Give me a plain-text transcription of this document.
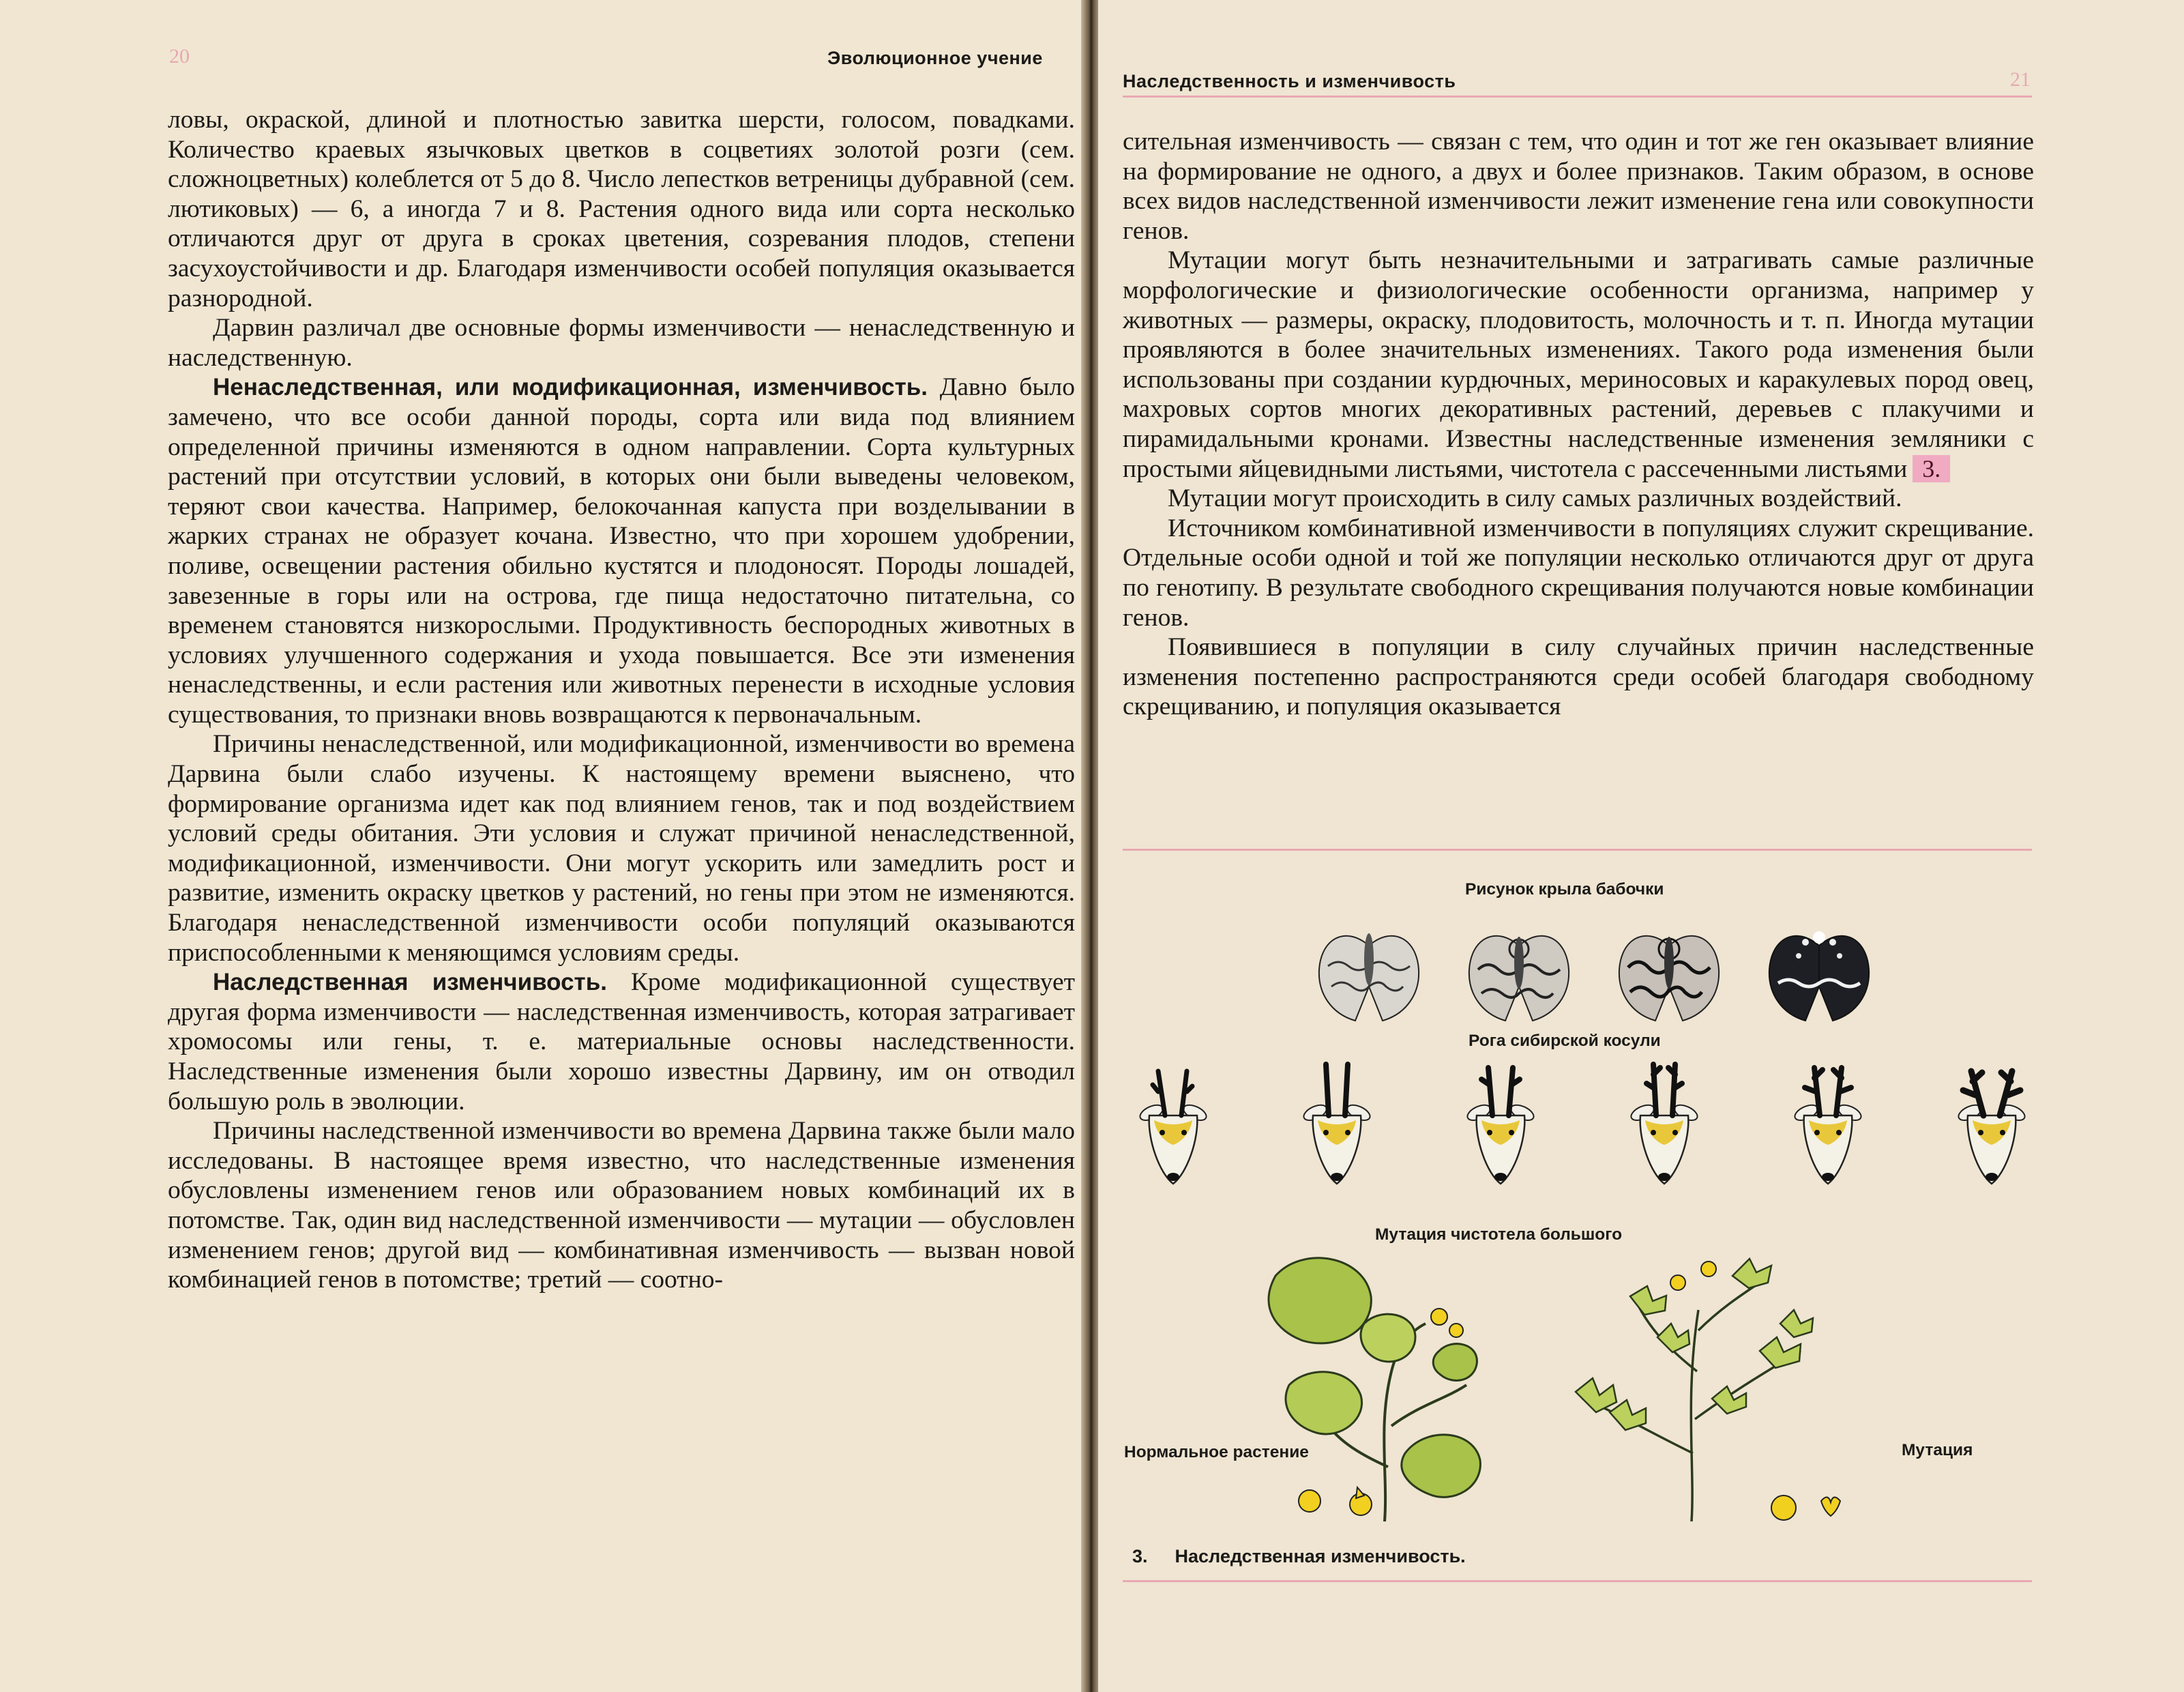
20	Эволюционное учение

ловы, окраской, длиной и плотностью завитка шерсти, голосом, повадками. Количество краевых язычковых цветков в соцветиях золотой розги (сем. сложноцветных) колеблется от 5 до 8. Число лепестков ветреницы дубравной (сем. лютиковых) — 6, а иногда 7 и 8. Растения одного вида или сорта несколько отличаются друг от друга в сроках цветения, созревания плодов, степени засухоустойчивости и др. Благодаря изменчивости особей популяция оказывается разнородной.

Дарвин различал две основные формы изменчивости — ненаследственную и наследственную.

Ненаследственная, или модификационная, изменчивость. Давно было замечено, что все особи данной породы, сорта или вида под влиянием определенной причины изменяются в одном направлении. Сорта культурных растений при отсутствии условий, в которых они были выведены человеком, теряют свои качества. Например, белокочанная капуста при возделывании в жарких странах не образует кочана. Известно, что при хорошем удобрении, поливе, освещении растения обильно кустятся и плодоносят. Породы лошадей, завезенные в горы или на острова, где пища недостаточно питательна, со временем становятся низкорослыми. Продуктивность беспородных животных в условиях улучшенного содержания и ухода повышается. Все эти изменения ненаследственны, и если растения или животных перенести в исходные условия существования, то признаки вновь возвращаются к первоначальным.

Причины ненаследственной, или модификационной, изменчивости во времена Дарвина были слабо изучены. К настоящему времени выяснено, что формирование организма идет как под влиянием генов, так и под воздействием условий среды обитания. Эти условия и служат причиной ненаследственной, модификационной, изменчивости. Они могут ускорить или замедлить рост и развитие, изменить окраску цветков у растений, но гены при этом не изменяются. Благодаря ненаследственной изменчивости особи популяций оказываются приспособленными к меняющимся условиям среды.

Наследственная изменчивость. Кроме модификационной существует другая форма изменчивости — наследственная изменчивость, которая затрагивает хромосомы или гены, т. е. материальные основы наследственности. Наследственные изменения были хорошо известны Дарвину, им он отводил большую роль в эволюции.

Причины наследственной изменчивости во времена Дарвина также были мало исследованы. В настоящее время известно, что наследственные изменения обусловлены изменением генов или образованием новых комбинаций их в потомстве. Так, один вид наследственной изменчивости — мутации — обусловлен изменением генов; другой вид — комбинативная изменчивость — вызван новой комбинацией генов в потомстве; третий — соотно-

Наследственность и изменчивость	21

сительная изменчивость — связан с тем, что один и тот же ген оказывает влияние на формирование не одного, а двух и более признаков. Таким образом, в основе всех видов наследственной изменчивости лежит изменение гена или совокупности генов.

Мутации могут быть незначительными и затрагивать самые различные морфологические и физиологические особенности организма, например у животных — размеры, окраску, плодовитость, молочность и т. п. Иногда мутации проявляются в более значительных изменениях. Такого рода изменения были использованы при создании курдючных, мериносовых и каракулевых пород овец, махровых сортов многих декоративных растений, деревьев с плакучими и пирамидальными кронами. Известны наследственные изменения земляники с простыми яйцевидными листьями, чистотела с рассеченными листьями 3.

Мутации могут происходить в силу самых различных воздействий.

Источником комбинативной изменчивости в популяциях служит скрещивание. Отдельные особи одной и той же популяции несколько отличаются друг от друга по генотипу. В результате свободного скрещивания получаются новые комбинации генов.

Появившиеся в популяции в силу случайных причин наследственные изменения постепенно распространяются среди особей благодаря свободному скрещиванию, и популяция оказывается

Рисунок крыла бабочки
Рога сибирской косули
Мутация чистотела большого
Нормальное растение	Мутация
3. Наследственная изменчивость.
